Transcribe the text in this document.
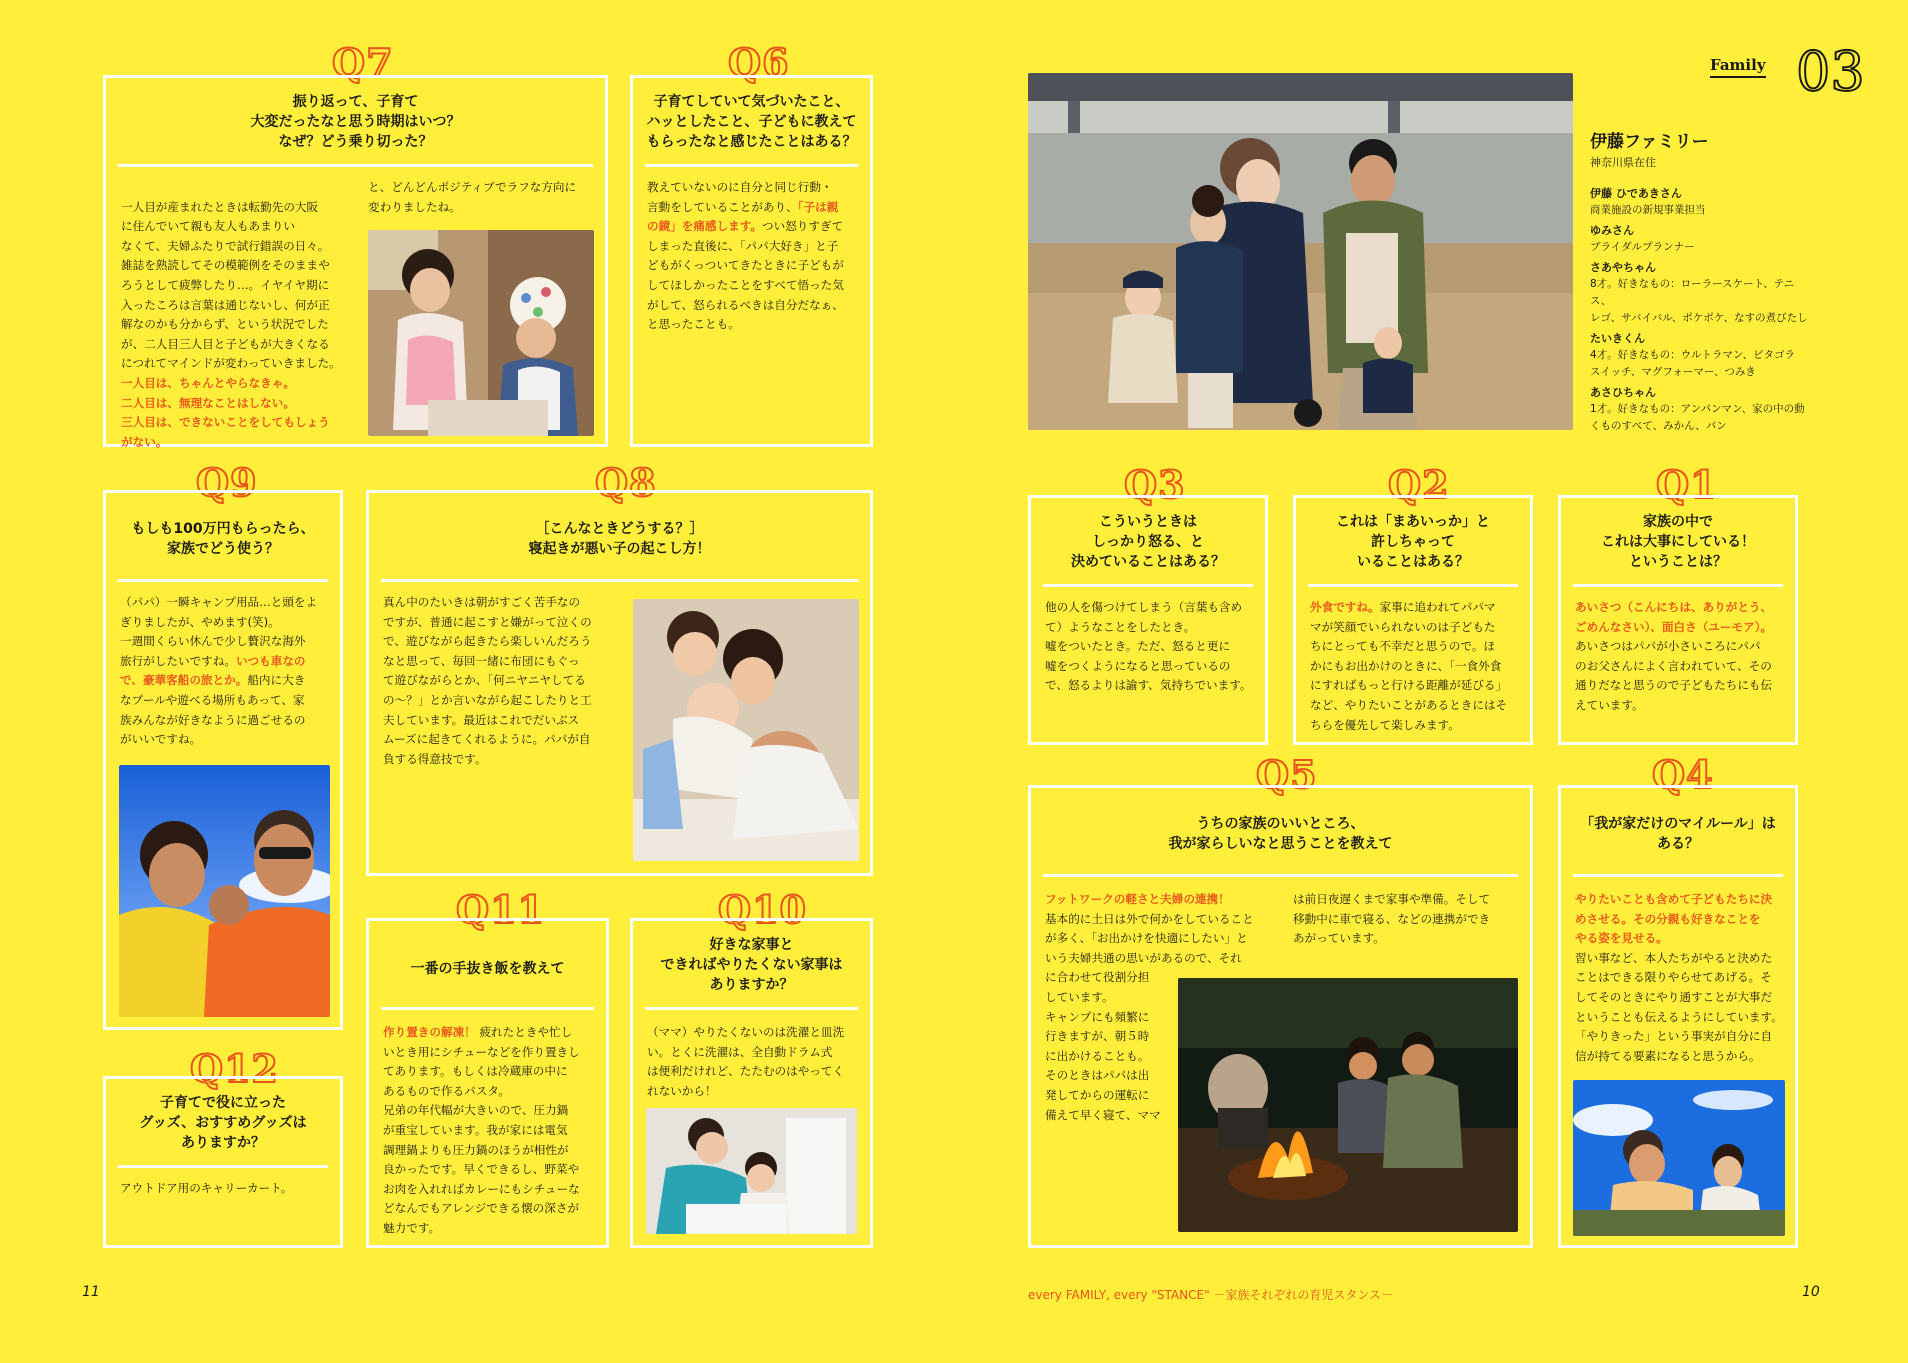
Q7
振り返って、子育て
大変だったなと思う時期はいつ？
なぜ？どう乗り切った？

一人目が産まれたときは転勤先の大阪
に住んでいて親も友人もあまりい
なくて、夫婦ふたりで試行錯誤の日々。
雑誌を熟読してその模範例をそのままや
ろうとして疲弊したり…。イヤイヤ期に
入ったころは言葉は通じないし、何が正
解なのかも分からず、という状況でした
が、二人目三人目と子どもが大きくなる
につれてマインドが変わっていきました。

一人目は、ちゃんとやらなきゃ。
二人目は、無理なことはしない。
三人目は、できないことをしてもしょう
がない。

と、どんどんポジティブでラフな方向に
変わりましたね。
Q6
子育てしていて気づいたこと、
ハッとしたこと、子どもに教えて
もらったなと感じたことはある？
教えていないのに自分と同じ行動・
言動をしていることがあり、「子は親
の鏡」を痛感します。つい怒りすぎて
しまった直後に、「パパ大好き」と子
どもがくっついてきたときに子どもが
してほしかったことをすべて悟った気
がして、怒られるべきは自分だなぁ、
と思ったことも。
Q9
もしも100万円もらったら、
家族でどう使う？
（パパ）一瞬キャンプ用品…と頭をよ
ぎりましたが、やめます(笑)。
一週間くらい休んで少し贅沢な海外
旅行がしたいですね。いつも車なの
で、豪華客船の旅とか。船内に大き
なプールや遊べる場所もあって、家
族みんなが好きなように過ごせるの
がいいですね。
Q8
［こんなときどうする？］
寝起きが悪い子の起こし方！
真ん中のたいきは朝がすごく苦手なの
ですが、普通に起こすと嫌がって泣くの
で、遊びながら起きたら楽しいんだろう
なと思って、毎回一緒に布団にもぐっ
て遊びながらとか、「何ニヤニヤしてる
の〜？」とか言いながら起こしたりと工
夫しています。最近はこれでだいぶス
ムーズに起きてくれるように。パパが自
負する得意技です。
Q11
一番の手抜き飯を教えて
作り置きの解凍！ 疲れたときや忙し
いとき用にシチューなどを作り置きし
てあります。もしくは冷蔵庫の中に
あるもので作るパスタ。
兄弟の年代幅が大きいので、圧力鍋
が重宝しています。我が家には電気
調理鍋よりも圧力鍋のほうが相性が
良かったです。早くできるし、野菜や
お肉を入れればカレーにもシチューな
どなんでもアレンジできる懐の深さが
魅力です。
Q10
好きな家事と
できればやりたくない家事は
ありますか？
（ママ）やりたくないのは洗濯と皿洗
い。とくに洗濯は、全自動ドラム式
は便利だけれど、たたむのはやってく
れないから！
Q12
子育てで役に立った
グッズ、おすすめグッズは
ありますか？
アウトドア用のキャリーカート。
11
Family 03
伊藤ファミリー
神奈川県在住
伊藤 ひであきさん
商業施設の新規事業担当
ゆみさん
ブライダルプランナー
さあやちゃん
8才。好きなもの：ローラースケート、テニス、
レゴ、サバイバル、ポケポケ、なすの煮びたし
たいきくん
4才。好きなもの：ウルトラマン、ピタゴラ
スイッチ、マグフォーマー、つみき
あさひちゃん
1才。好きなもの：アンパンマン、家の中の動
くものすべて、みかん、パン
Q3
こういうときは
しっかり怒る、と
決めていることはある？
他の人を傷つけてしまう（言葉も含め
て）ようなことをしたとき。
嘘をついたとき。ただ、怒ると更に
嘘をつくようになると思っているの
で、怒るよりは諭す、気持ちでいます。
Q2
これは「まあいっか」と
許しちゃって
いることはある？
外食ですね。家事に追われてパパマ
マが笑顔でいられないのは子どもた
ちにとっても不幸だと思うので。ほ
かにもお出かけのときに、「一食外食
にすればもっと行ける距離が延びる」
など、やりたいことがあるときにはそ
ちらを優先して楽しみます。
Q1
家族の中で
これは大事にしている！
ということは？
あいさつ（こんにちは、ありがとう、
ごめんなさい）、面白さ（ユーモア）。
あいさつはパパが小さいころにパパ
のお父さんによく言われていて、その
通りだなと思うので子どもたちにも伝
えています。
Q5
うちの家族のいいところ、
我が家らしいなと思うことを教えて
フットワークの軽さと夫婦の連携！
基本的に土日は外で何かをしていること
が多く、「お出かけを快適にしたい」と
いう夫婦共通の思いがあるので、それ
に合わせて役割分担
しています。
キャンプにも頻繁に
行きますが、朝５時
に出かけることも。
そのときはパパは出
発してからの運転に
備えて早く寝て、ママ
は前日夜遅くまで家事や準備。そして
移動中に車で寝る、などの連携ができ
あがっています。
Q4
「我が家だけのマイルール」は
ある？
やりたいことも含めて子どもたちに決
めさせる。その分親も好きなことを
やる姿を見せる。
習い事など、本人たちがやると決めた
ことはできる限りやらせてあげる。そ
してそのときにやり通すことが大事だ
ということも伝えるようにしています。
「やりきった」という事実が自分に自
信が持てる要素になると思うから。
every FAMILY, every "STANCE" －家族それぞれの育児スタンス－	10
